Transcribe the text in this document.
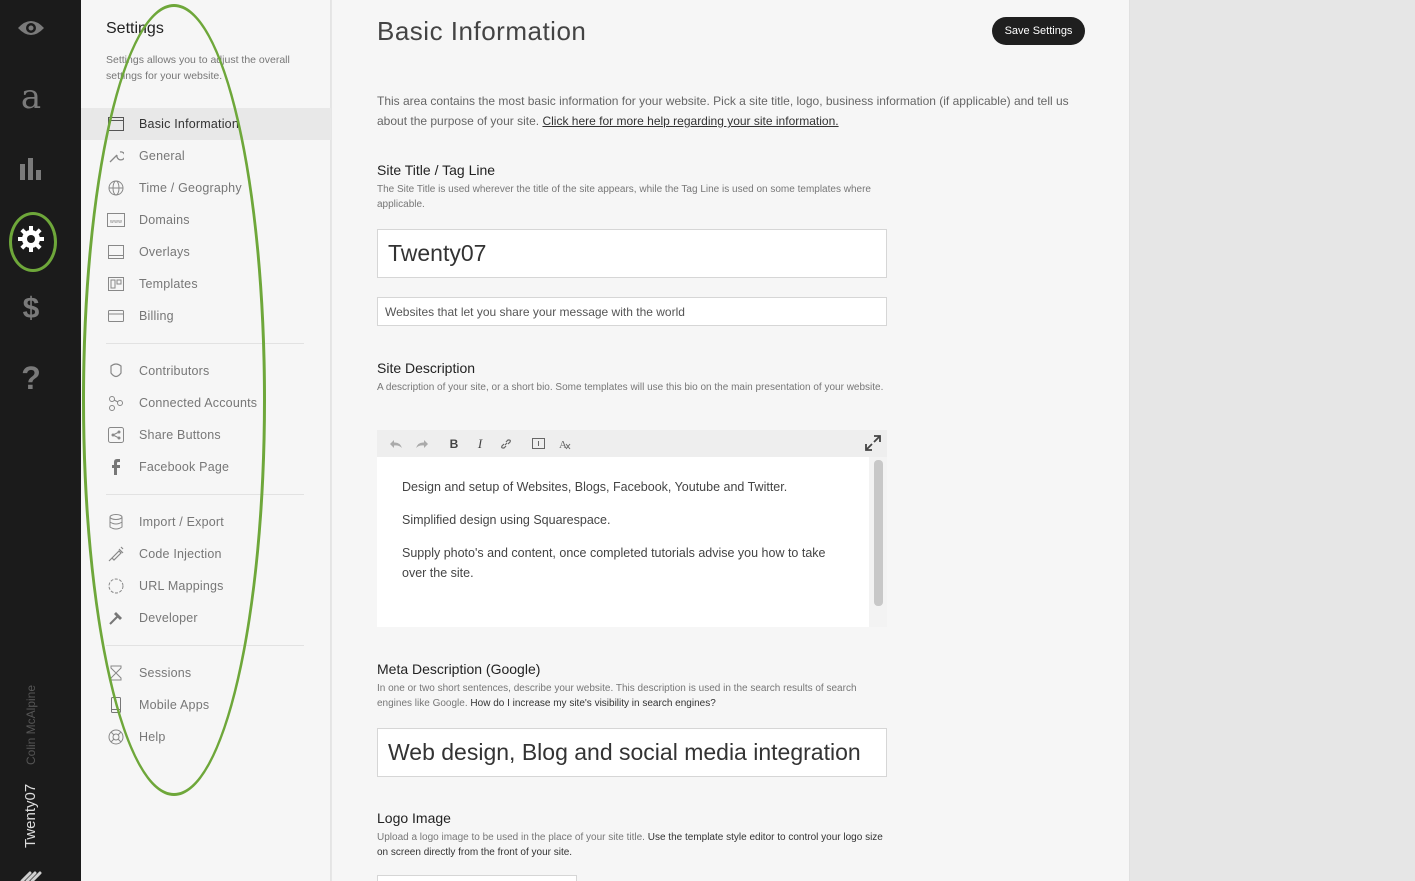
a
$
?
Colin McAlpine
Twenty07
Settings
Settings allows you to adjust the overall settings for your website.
Basic Information
General
Time / Geography
www Domains
Overlays
Templates
Billing
Contributors
Connected Accounts
Share Buttons
Facebook Page
Import / Export
Code Injection
URL Mappings
Developer
Sessions
Mobile Apps
Help
Basic Information	Save Settings
This area contains the most basic information for your website. Pick a site title, logo, business information (if applicable) and tell us about the purpose of your site. Click here for more help regarding your site information.
Site Title / Tag Line
The Site Title is used wherever the title of the site appears, while the Tag Line is used on some templates where applicable.
Twenty07
Websites that let you share your message with the world
Site Description
A description of your site, or a short bio. Some templates will use this bio on the main presentation of your website.
B	I	A

Design and setup of Websites, Blogs, Facebook, Youtube and Twitter.

Simplified design using Squarespace.

Supply photo's and content, once completed tutorials advise you how to take over the site.

Meta Description (Google)
In one or two short sentences, describe your website. This description is used in the search results of search engines like Google. How do I increase my site's visibility in search engines?
Web design, Blog and social media integration
Logo Image
Upload a logo image to be used in the place of your site title. Use the template style editor to control your logo size on screen directly from the front of your site.
